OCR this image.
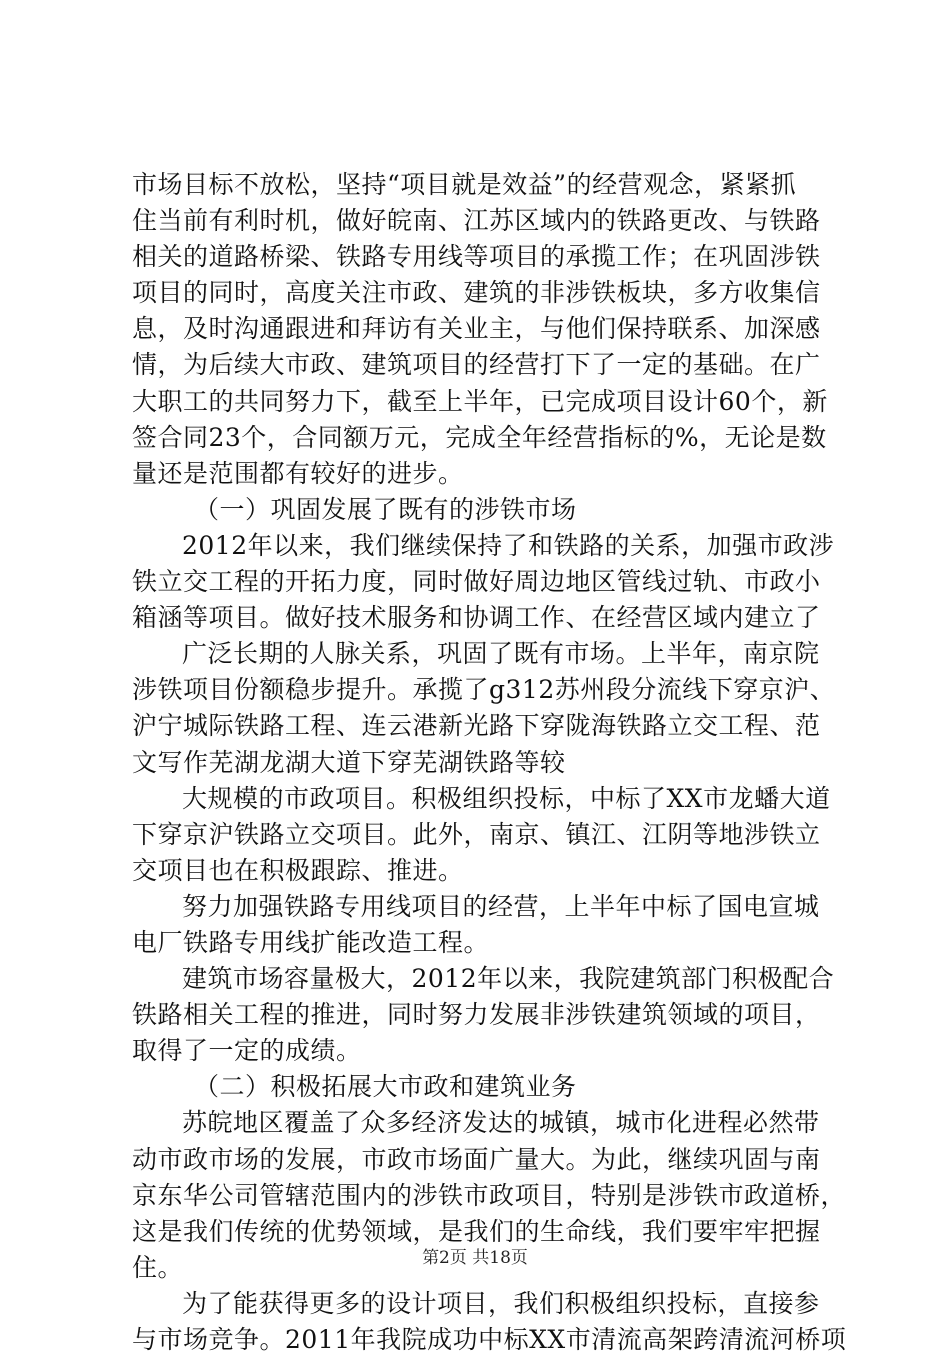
市场目标不放松，坚持“项目就是效益”的经营观念，紧紧抓
住当前有利时机，做好皖南、江苏区域内的铁路更改、与铁路
相关的道路桥梁、铁路专用线等项目的承揽工作；在巩固涉铁
项目的同时，高度关注市政、建筑的非涉铁板块，多方收集信
息，及时沟通跟进和拜访有关业主，与他们保持联系、加深感
情，为后续大市政、建筑项目的经营打下了一定的基础。在广
大职工的共同努力下，截至上半年，已完成项目设计60个，新
签合同23个，合同额万元，完成全年经营指标的%，无论是数
量还是范围都有较好的进步。
（一）巩固发展了既有的涉铁市场
2012年以来，我们继续保持了和铁路的关系，加强市政涉
铁立交工程的开拓力度，同时做好周边地区管线过轨、市政小
箱涵等项目。做好技术服务和协调工作、在经营区域内建立了
广泛长期的人脉关系，巩固了既有市场。上半年，南京院
涉铁项目份额稳步提升。承揽了g312苏州段分流线下穿京沪、
沪宁城际铁路工程、连云港新光路下穿陇海铁路立交工程、范
文写作芜湖龙湖大道下穿芜湖铁路等较
大规模的市政项目。积极组织投标，中标了XX市龙蟠大道
下穿京沪铁路立交项目。此外，南京、镇江、江阴等地涉铁立
交项目也在积极跟踪、推进。
努力加强铁路专用线项目的经营，上半年中标了国电宣城
电厂铁路专用线扩能改造工程。
建筑市场容量极大，2012年以来，我院建筑部门积极配合
铁路相关工程的推进，同时努力发展非涉铁建筑领域的项目，
取得了一定的成绩。
（二）积极拓展大市政和建筑业务
苏皖地区覆盖了众多经济发达的城镇，城市化进程必然带
动市政市场的发展，市政市场面广量大。为此，继续巩固与南
京东华公司管辖范围内的涉铁市政项目，特别是涉铁市政道桥，
这是我们传统的优势领域，是我们的生命线，我们要牢牢把握
住。
为了能获得更多的设计项目，我们积极组织投标，直接参
与市场竞争。2011年我院成功中标XX市清流高架跨清流河桥项
第2页 共18页
